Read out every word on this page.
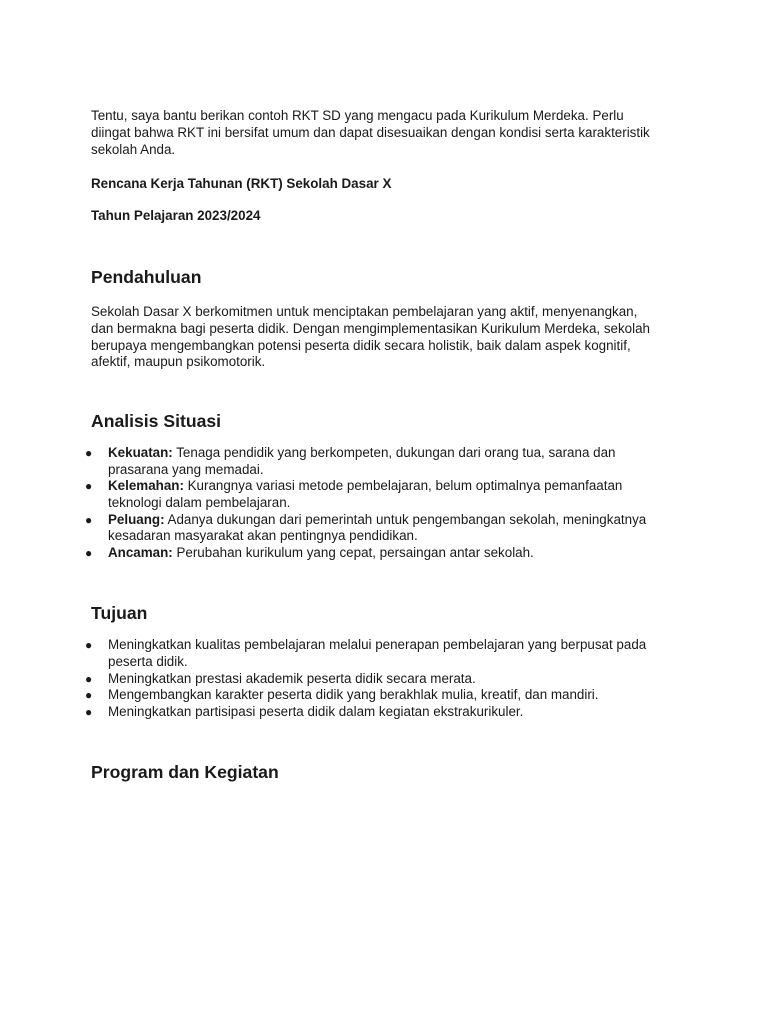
Tentu, saya bantu berikan contoh RKT SD yang mengacu pada Kurikulum Merdeka. Perlu
diingat bahwa RKT ini bersifat umum dan dapat disesuaikan dengan kondisi serta karakteristik
sekolah Anda.

Rencana Kerja Tahunan (RKT) Sekolah Dasar X

Tahun Pelajaran 2023/2024

Pendahuluan

Sekolah Dasar X berkomitmen untuk menciptakan pembelajaran yang aktif, menyenangkan,
dan bermakna bagi peserta didik. Dengan mengimplementasikan Kurikulum Merdeka, sekolah
berupaya mengembangkan potensi peserta didik secara holistik, baik dalam aspek kognitif,
afektif, maupun psikomotorik.

Analisis Situasi
● Kekuatan: Tenaga pendidik yang berkompeten, dukungan dari orang tua, sarana dan
prasarana yang memadai.
● Kelemahan: Kurangnya variasi metode pembelajaran, belum optimalnya pemanfaatan
teknologi dalam pembelajaran.
● Peluang: Adanya dukungan dari pemerintah untuk pengembangan sekolah, meningkatnya
kesadaran masyarakat akan pentingnya pendidikan.
● Ancaman: Perubahan kurikulum yang cepat, persaingan antar sekolah.
Tujuan
● Meningkatkan kualitas pembelajaran melalui penerapan pembelajaran yang berpusat pada
peserta didik.
● Meningkatkan prestasi akademik peserta didik secara merata.
● Mengembangkan karakter peserta didik yang berakhlak mulia, kreatif, dan mandiri.
● Meningkatkan partisipasi peserta didik dalam kegiatan ekstrakurikuler.
Program dan Kegiatan
